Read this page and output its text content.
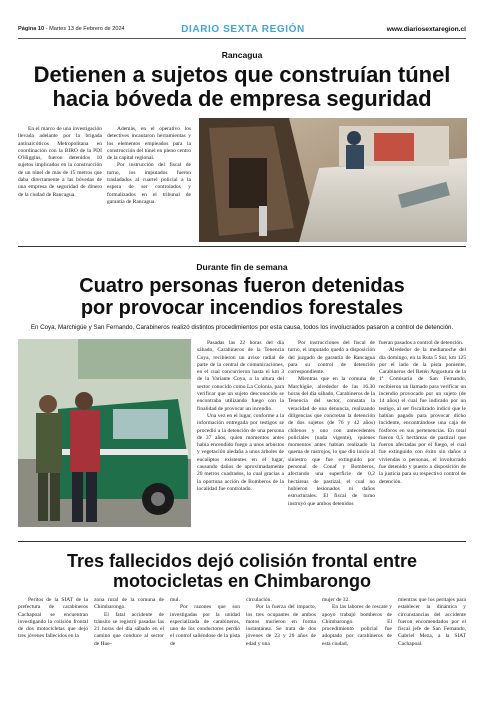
Página 10 - Martes 13 de Febrero de 2024	DIARIO SEXTA REGIÓN	www.diariosextaregion.cl
Rancagua
Detienen a sujetos que construían túnel
hacia bóveda de empresa seguridad
En el marco de una investigación llevada adelante por la brigada antinarcóticos Metropolitana en coordinación con la BIRO de la PDI O'Higgins, fueron detenidos 10 sujetos implicados en la construcción de un túnel de más de 15 metros que daba directamente a las bóvedas de una empresa de seguridad de dinero de la ciudad de Rancagua.

Además, en el operativo los detectives incautaron herramientas y los elementos empleados para la construcción del túnel en pleno centro de la capital regional.

Por instrucción del fiscal de turno, los imputados fueron trasladados al cuartel policial a la espera de ser controlados y formalizados en el tribunal de garantía de Rancagua.

Durante fin de semana
Cuatro personas fueron detenidas
por provocar incendios forestales
En Coya, Marchigüe y San Fernando, Carabineros realizó distintos procedimientos por esta causa, todos los involucrados pasaron a control de detención.

Pasadas las 22 horas del día sábado, Carabineros de la Tenencia Coya, recibieron un aviso radial de parte de la central de comunicaciones, en el cual concurrieron hasta el km 3 de la Variante Coya, a la altura del sector conocido como La Colonia, para verificar que un sujeto desconocido se encontraba utilizando fuego con la finalidad de provocar un incendio.

Una vez en el lugar, conforme a la información entregada por testigos se procedió a la detención de una persona de 37 años, quien momentos antes había encendido fuego a unos arbustos y vegetación aledaña a unos árboles de eucaliptos existentes en el lugar, causando daños de aproximadamente 20 metros cuadrados, lo cual gracias a la oportuna acción de Bomberos de la localidad fue controlado.

Por instrucciones del fiscal de turno, el imputado quedó a disposición del juzgado de garantía de Rancagua para su control de detención correspondiente.

Mientras que en la comuna de Marchigüe, alrededor de las 16.30 horas del día sábado, Carabineros de la Tenencia del sector, constata la veracidad de una denuncia, realizando diligencias que concretan la detención de dos sujetos (de 76 y 42 años) chilenos y uno con antecedentes policiales (nada vigente), quienes momentos antes habían realizado la quema de rastrojos, lo que dio inicio al siniestro que fue extinguido por personal de Conaf y Bomberos, afectando una superficie de 0,2 hectáreas de pastizal, el cual no hubieron lesionados ni daños estructurales. El fiscal de turno instruyó que ambos detenidos

fueran pasados a control de detención.

Alrededor de la medianoche del día domingo, en la Ruta 5 Sur, km 125 por el lado de la pista poniente, Carabineros del Retén Angostura de la 1ª Comisaría de San Fernando, recibieron un llamado para verificar un incendio provocado por un sujeto (de 14 años) el cual fue indicado por un testigo, al ser fiscalizado indicó que le habían pagado para provocar dicho incidente, encontrándose una caja de fósforos en sus pertenencias. En total fueron 0,5 hectáreas de pastizal que fueron afectadas por el fuego, el cual fue extinguido con éxito sin daños a viviendas o personas, el involucrado fue detenido y puesto a disposición de la justicia para su respectivo control de detención.

Tres fallecidos dejó colisión frontal entre
motocicletas en Chimbarongo
Peritos de la SIAT de la prefectura de carabineros Cachapoal se encuentran investigando la colisión frontal de dos motocicletas que dejó tres jóvenes fallecidos en la

zona rural de la comuna de Chimbarongo.

El fatal accidente de tránsito se registró pasadas las 21 horas del día sábado en el camino que conduce al sector de Hue-

mul.

Por razones que son investigadas por la unidad especializada de carabineros, uno de los conductores perdió el control saliéndose de la pista de

circulación.

Por la fuerza del impacto, los tres ocupantes de ambos motos murieron en forma instantánea. Se trata de dos jóvenes de 23 y 26 años de edad y una

mujer de 32.

En las labores de rescate y apoyo trabajó bomberos de Chimbarongo. El procedimiento policial fue adoptado por carabineros de esta ciudad,

mientras que los peritajes para establecer la dinámica y circunstancias del accidente fueron encomendados por el fiscal jefe de San Fernando, Gabriel Meza, a la SIAT Cachapoal.
